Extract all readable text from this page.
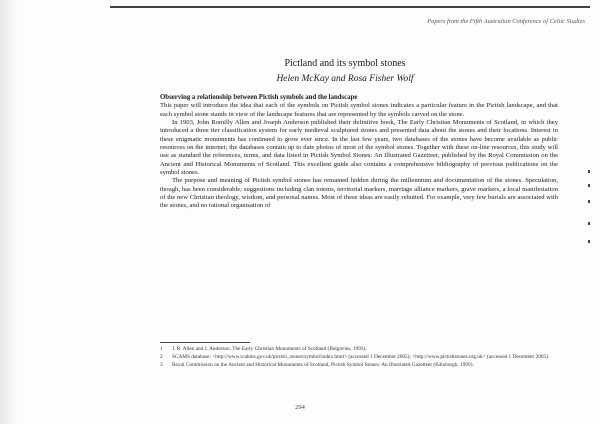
Papers from the Fifth Australian Conference of Celtic Studies
Pictland and its symbol stones
Helen McKay and Rosa Fisher Wolf

Observing a relationship between Pictish symbols and the landscape

This paper will introduce the idea that each of the symbols on Pictish symbol stones indicates a particular feature in the Pictish landscape, and that each symbol stone stands in view of the landscape features that are represented by the symbols carved on the stone.

In 1903, John Romilly Allen and Joseph Anderson published their definitive book, The Early Christian Monuments of Scotland, in which they introduced a three tier classification system for early medieval sculptured stones and presented data about the stones and their locations. Interest in these enigmatic monuments has continued to grow ever since. In the last few years, two databases of the stones have become available as public resources on the internet; the databases contain up to date photos of most of the symbol stones. Together with these on-line resources, this study will use as standard the references, terms, and data listed in Pictish Symbol Stones: An Illustrated Gazetteer, published by the Royal Commission on the Ancient and Historical Monuments of Scotland. This excellent guide also contains a comprehensive bibliography of previous publications on the symbol stones.

The purpose and meaning of Pictish symbol stones has remained hidden during the millennium and documentation of the stones. Speculation, though, has been considerable; suggestions including clan totems, territorial markers, marriage alliance markers, grave markers, a local manifestation of the new Christian theology, wisdom, and personal names. Most of these ideas are easily rebutted. For example, very few burials are associated with the stones, and no rational organisation of

1	J. R. Allen and J. Anderson, The Early Christian Monuments of Scotland (Balgavies, 1993).
2	SCAMS database: <http://www.rcahms.gov.uk/pictish_stones/symbol/index.html> (accessed 1 December 2005); <http://www.pictishstones.org.uk> (accessed 1 December 2005).
3	Royal Commission on the Ancient and Historical Monuments of Scotland, Pictish Symbol Stones: An Illustrated Gazetteer (Edinburgh, 1999).
294
